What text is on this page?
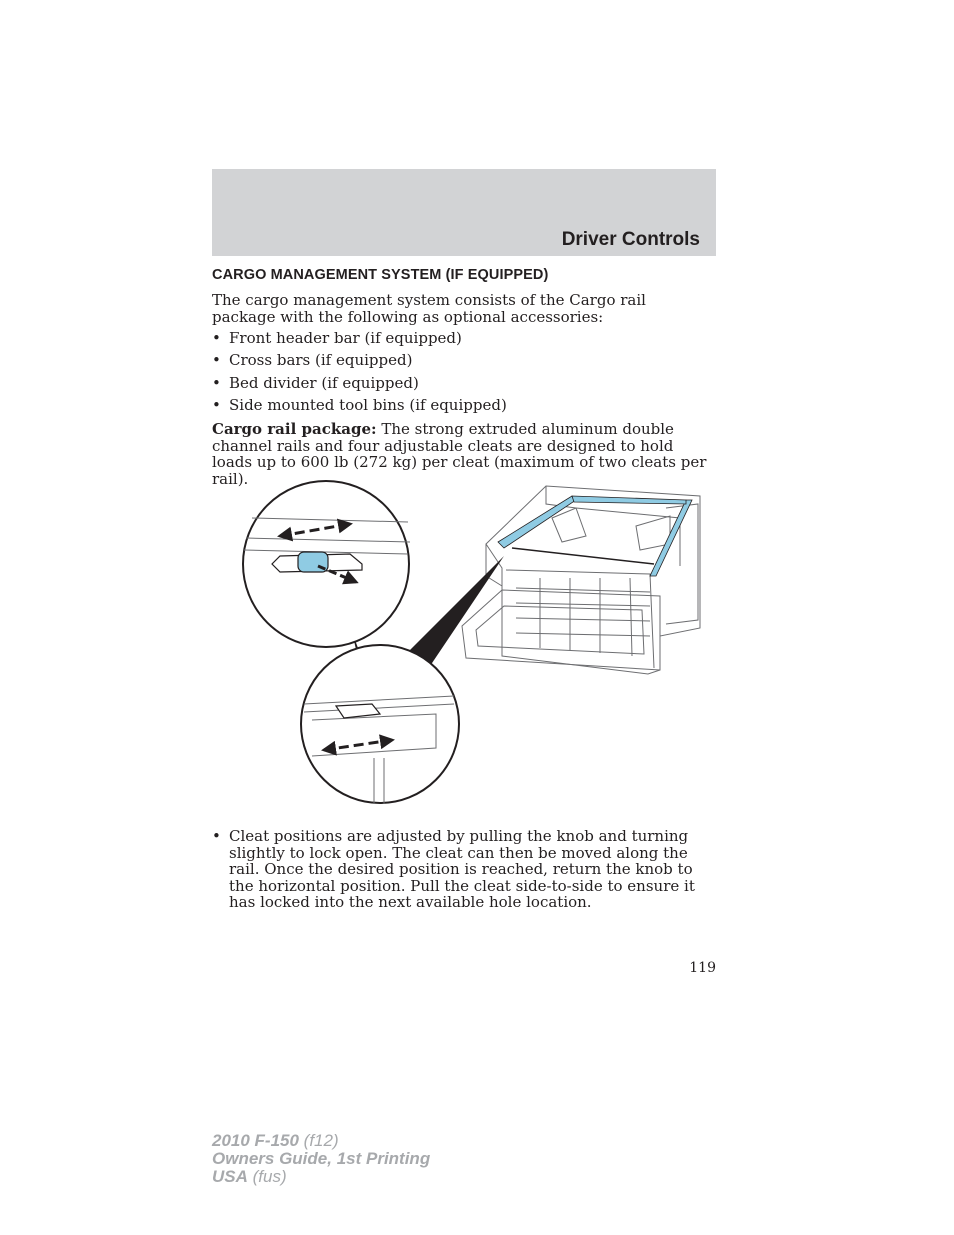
Driver Controls
CARGO MANAGEMENT SYSTEM (IF EQUIPPED)

The cargo management system consists of the Cargo rail package with the following as optional accessories:

• Front header bar (if equipped)
• Cross bars (if equipped)
• Bed divider (if equipped)
• Side mounted tool bins (if equipped)

Cargo rail package: The strong extruded aluminum double channel rails and four adjustable cleats are designed to hold loads up to 600 lb (272 kg) per cleat (maximum of two cleats per rail).

• Cleat positions are adjusted by pulling the knob and turning slightly to lock open. The cleat can then be moved along the rail. Once the desired position is reached, return the knob to the horizontal position. Pull the cleat side-to-side to ensure it has locked into the next available hole location.

119

2010 F-150 (f12)
Owners Guide, 1st Printing
USA (fus)
